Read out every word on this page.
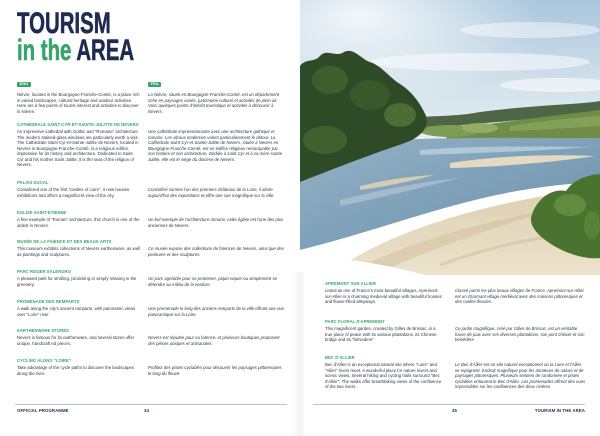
TOURISM
in the AREA
ENG

Nièvre, located in the Bourgogne-Franche-Comté, is a place rich in varied landscapes, cultural heritage and outdoor activities. Here are a few points of tourist interest and activities to discover in Nièvre.

FRA

La Nièvre, située en Bourgogne-Franche-Comté, est un département riche en paysages variés, patrimoine culturel et activités de plein air. Voici quelques points d'intérêt touristique et activités à découvrir à Nevers.

CATHÉDRALE SAINT-CYR-ET-SAINTE-JULITTE DE NEVERS

An impressive cathedral with Gothic and "Romane" architecture. The modern stained-glass windows are particularly worth a visit. The Cathédrale Saint-Cyr-et-Sainte-Julitte de Nevers, located in Nevers in Bourgogne-Franche-Comté, is a religious edifice impressive for its history and architecture. Dedicated to Saint Cyr and his mother Saint Julitte, it is the seat of the religion of Nevers.

Une cathédrale impressionnante avec une architecture gothique et romane. Les vitraux modernes valent particulièrement le détour. La Cathédrale Saint-Cyr-et-Sainte-Julitte de Nevers, située à Nevers en Bourgogne-Franche-Comté, est un édifice religieux remarquable par son histoire et son architecture. Dédiée à saint Cyr et à sa mère sainte Julitte, elle est le siège du diocèse de Nevers.

PALAIS DUCAL

Considered one of the first "castles of Loire", it now houses exhibitions and offers a magnificent view of the city.

Considéré comme l'un des premiers châteaux de la Loire, il abrite aujourd'hui des expositions et offre une vue magnifique sur la ville.

ÉGLISE SAINT-ÉTIENNE

A fine example of "Roman" architecture, this church is one of the oldest in Nevers.

Un bel exemple de l'architecture romane, cette église est l'une des plus anciennes de Nevers.

MUSÉE DE LA FAÏENCE ET DES BEAUX-ARTS

This museum exhibits collections of Nevers earthenware, as well as paintings and sculptures.

Ce musée expose des collections de faïences de Nevers, ainsi que des peintures et des sculptures.

PARC ROGER SALENGRO

A pleasant park for strolling, picnicking or simply relaxing in the greenery.

Un parc agréable pour se promener, pique-niquer ou simplement se détendre au milieu de la verdure.

PROMENADE DES REMPARTS

A walk along the city's ancient ramparts, with panoramic views over "Loire" river.

Une promenade le long des anciens remparts de la ville offrant une vue panoramique sur la Loire.

EARTHENWARE STORES

Nevers is famous for its earthenware, and several stores offer unique, handcraft ed pieces.

Nevers est réputée pour sa faïence, et plusieurs boutiques proposent des pièces uniques et artisanales.

CYCLING ALONG "LOIRE"

Take advantage of the cycle paths to discover the landscapes along the river.

Profitez des pistes cyclables pour découvrir les paysages pittoresques le long du fleuve.

OFFICIAL PROGRAMME	34
APREMONT SUR ALLIER

Listed as one of France's most beautiful villages, Apremont-sur-Allier is a charming medieval village with beautiful houses and flower-filled alleyways.

Classé parmi les plus beaux villages de France, Apremont-sur-Allier est un charmant village médiéval avec des maisons pittoresques et des ruelles fleuries.

PARC FLORAL D'APREMONT

This magnificent garden, created by Gilles de Brissac, is a true place of peace with its various plantations, its Chinese bridge and its "belvedere"

Ce jardin magnifique, créé par Gilles de Brissac, est un véritable havre de paix avec ses diverses plantations, son pont chinois et son belvédère

BEC D'ALLIER

Bec d'Allier is an exceptional natural site where "Loire" and "Allier" rivers meet. A wonderful place for nature lovers and scenic views. Several hiking and cycling trails surround "Bec d'Allier". The walks offer breathtaking views of the confluence of the two rivers.

Le Bec d'Allier est un site naturel exceptionnel où la Loire et l'Allier se rejoignent. Endroit magnifique pour les amateurs de nature et de paysages pittoresques. Plusieurs sentiers de randonnée et pistes cyclables entourent le Bec d'Allier. Les promenades offrent des vues imprenables sur les confluences des deux rivières.

35	TOURISM IN THE AREA
